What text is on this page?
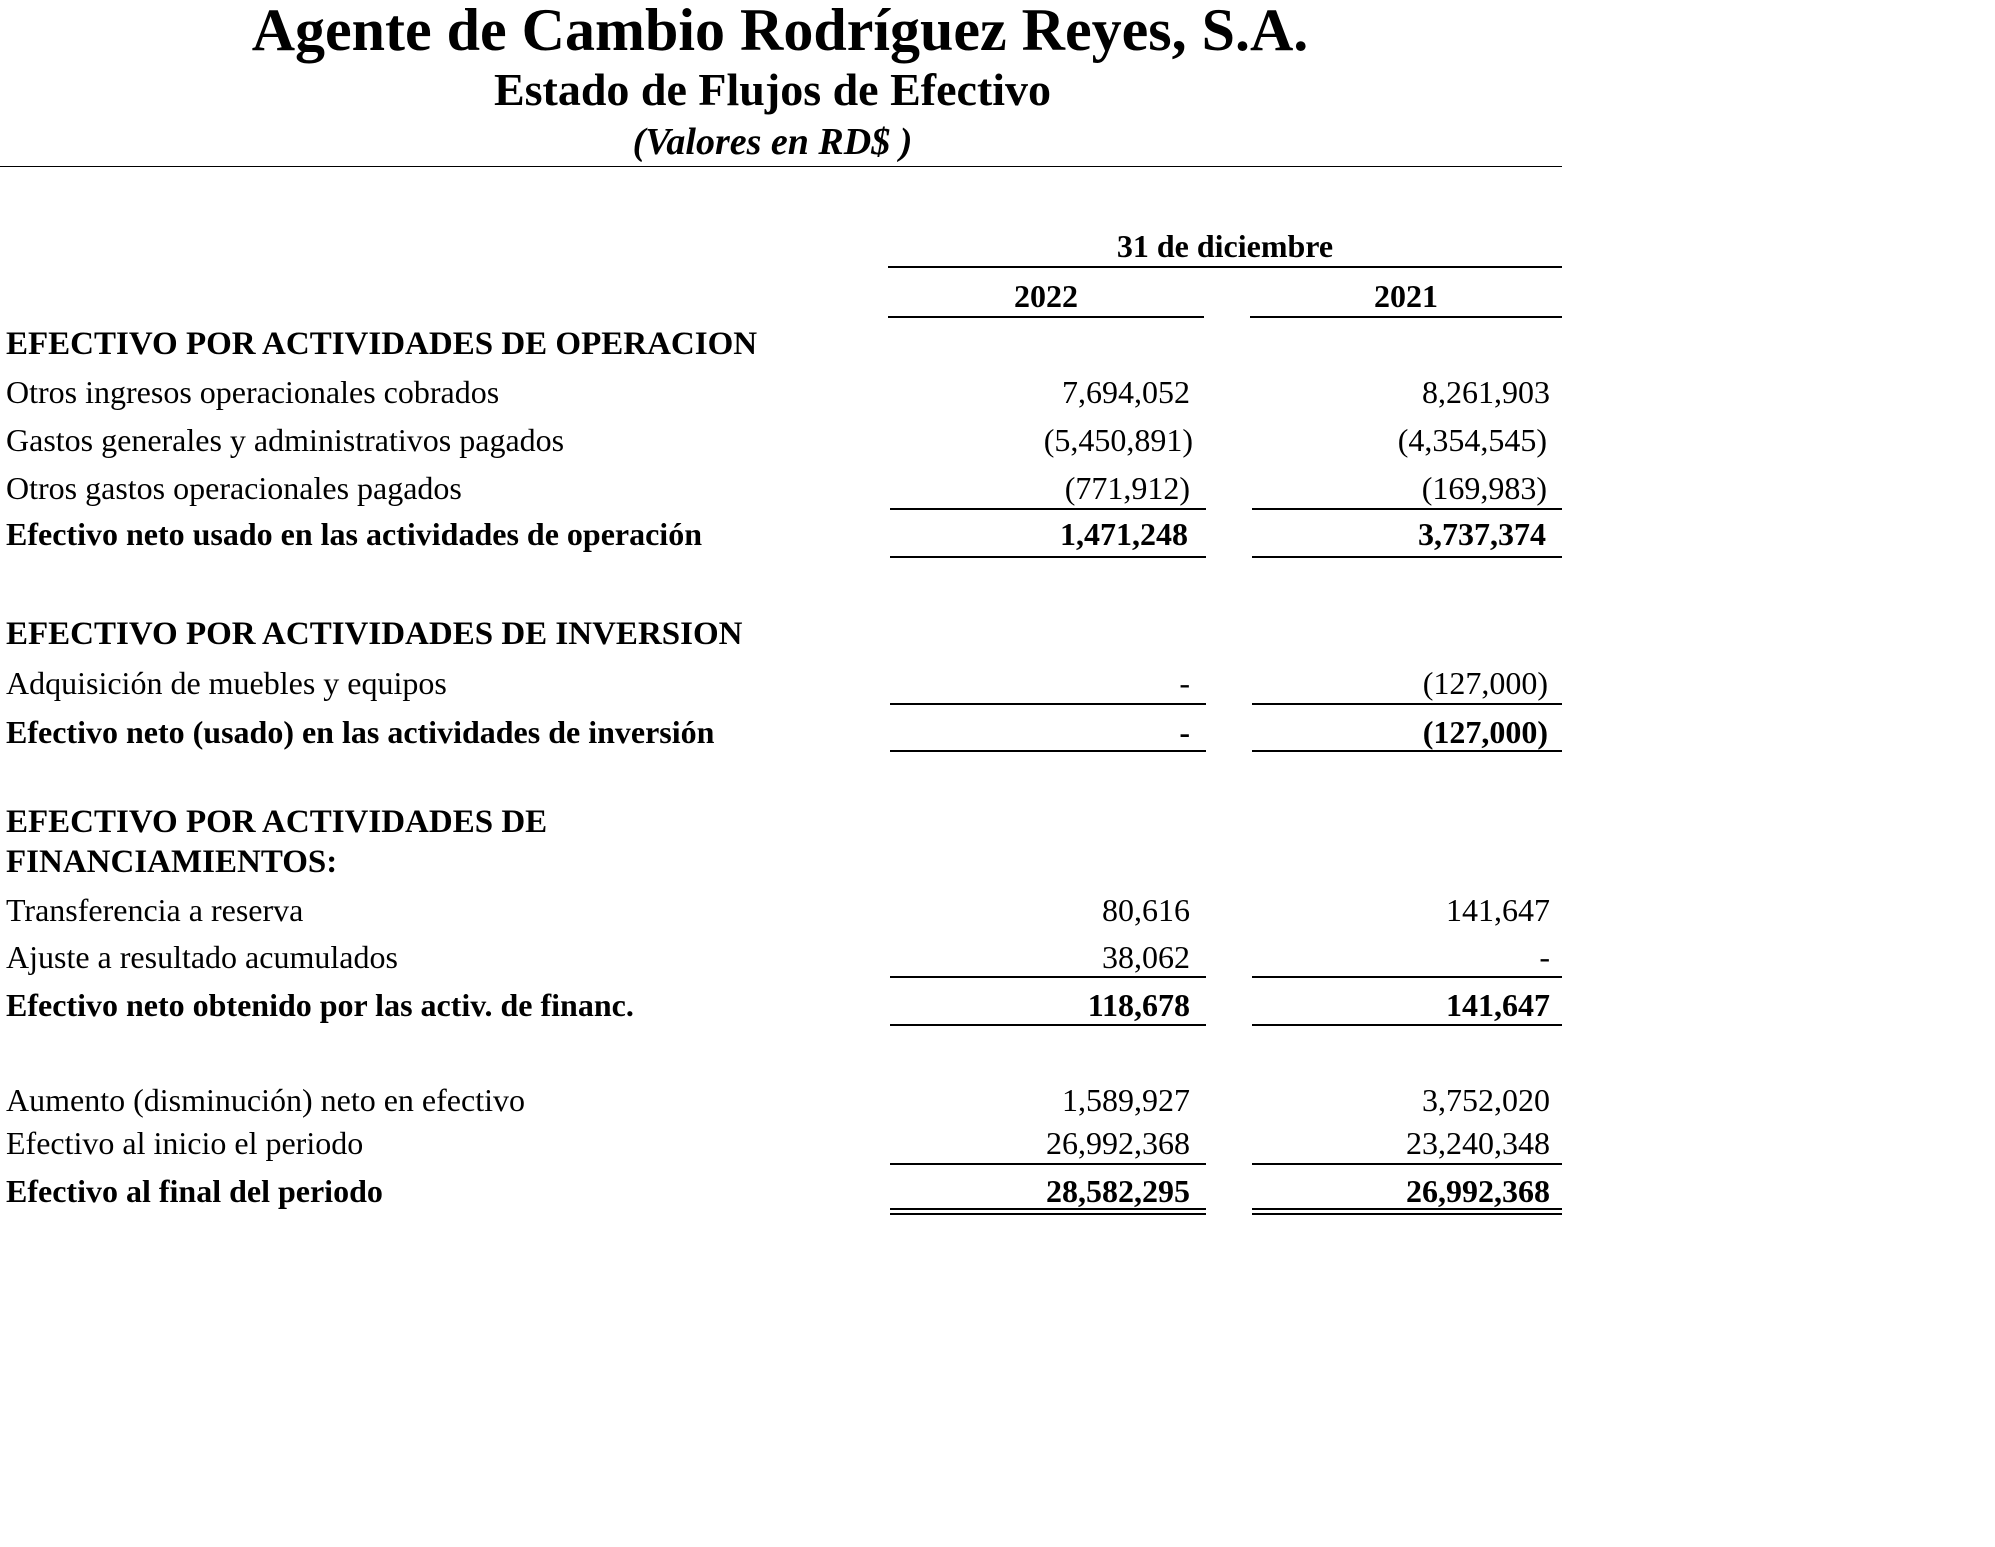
Agente de Cambio Rodríguez Reyes, S.A.
Estado de Flujos de Efectivo
(Valores en RD$ )
31 de diciembre
2022	2021
EFECTIVO POR ACTIVIDADES DE OPERACION
Otros ingresos operacionales cobrados	7,694,052	8,261,903
Gastos generales y administrativos pagados	(5,450,891)	(4,354,545)
Otros gastos operacionales pagados	(771,912)	(169,983)
Efectivo neto usado en las actividades de operación	1,471,248	3,737,374
EFECTIVO POR ACTIVIDADES DE INVERSION
Adquisición de muebles y equipos	-	(127,000)
Efectivo neto (usado) en las actividades de inversión	-	(127,000)
EFECTIVO POR ACTIVIDADES DE
FINANCIAMIENTOS:
Transferencia a reserva	80,616	141,647
Ajuste a resultado acumulados	38,062	-
Efectivo neto obtenido por las activ. de financ.	118,678	141,647
Aumento (disminución) neto en efectivo	1,589,927	3,752,020
Efectivo al inicio el periodo	26,992,368	23,240,348
Efectivo al final del periodo	28,582,295	26,992,368
